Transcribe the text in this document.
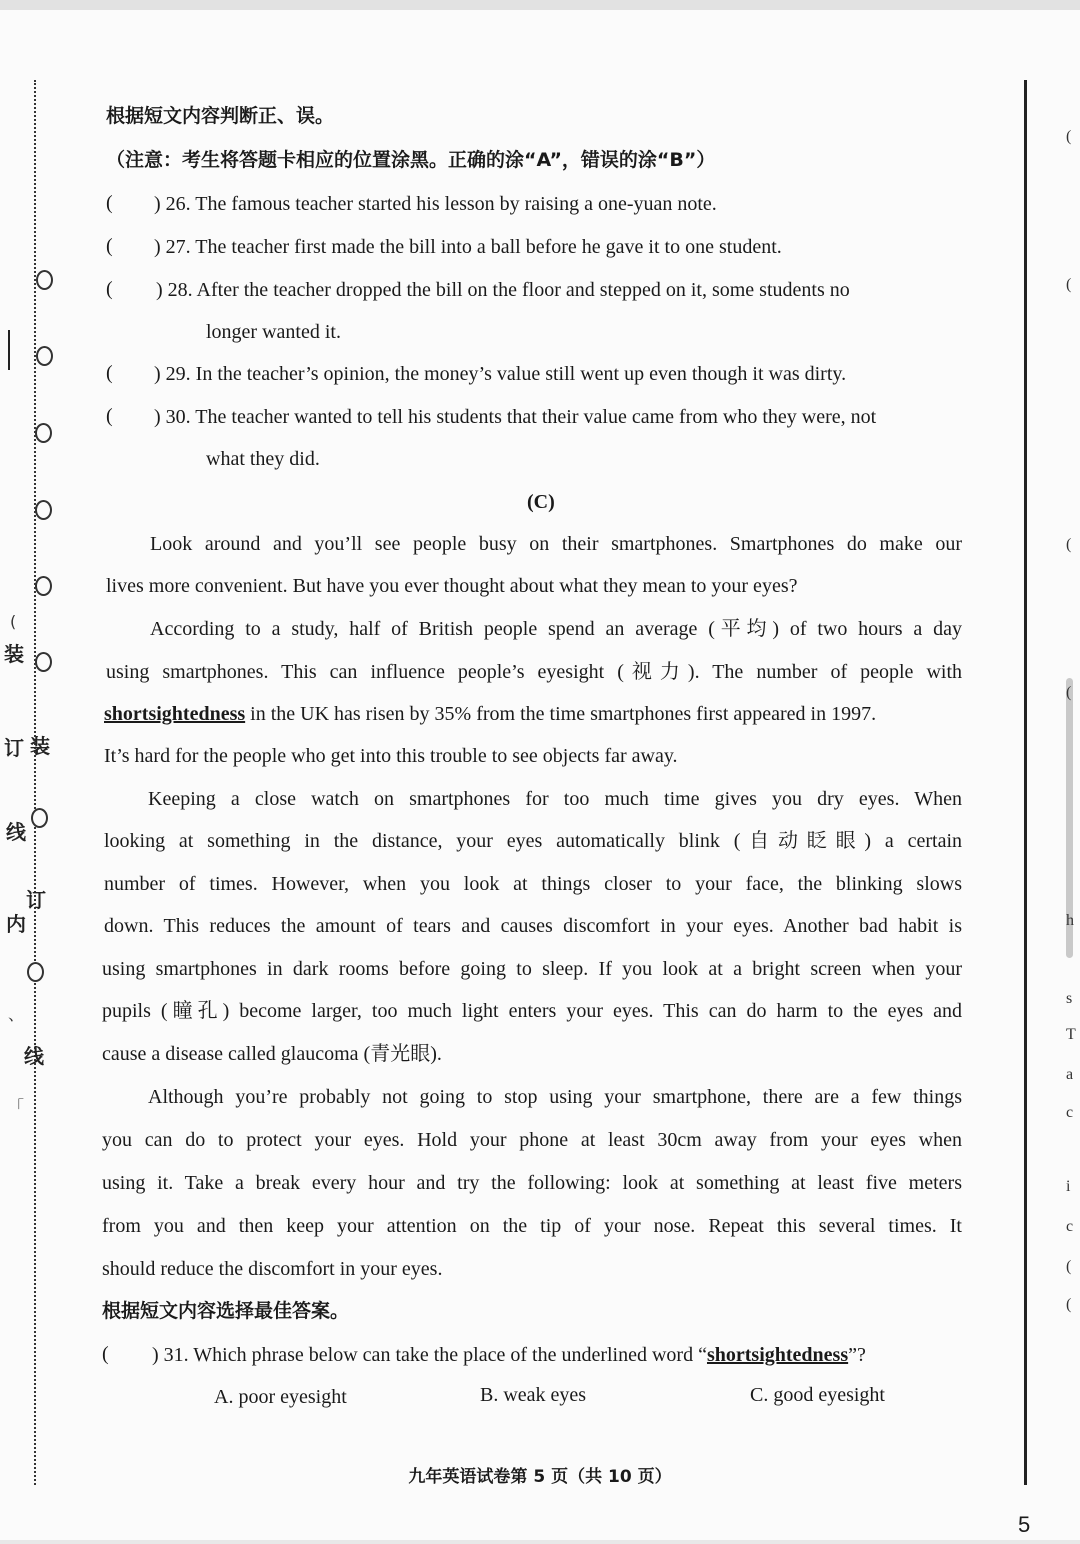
(
装
订 装
线
订
内
线
、
「
(
(
(
(
h
s
T
a
c
i
c
(
(
根据短文内容判断正、误。
（注意：考生将答题卡相应的位置涂黑。正确的涂“A”，错误的涂“B”）
( ) 26. The famous teacher started his lesson by raising a one-yuan note.
( ) 27. The teacher first made the bill into a ball before he gave it to one student.
( ) 28. After the teacher dropped the bill on the floor and stepped on it, some students no
longer wanted it.
( ) 29. In the teacher’s opinion, the money’s value still went up even though it was dirty.
( ) 30. The teacher wanted to tell his students that their value came from who they were, not
what they did.
(C)
Look around and you’ll see people busy on their smartphones. Smartphones do make our
lives more convenient. But have you ever thought about what they mean to your eyes?
According to a study, half of British people spend an average (平均) of two hours a day
using smartphones. This can influence people’s eyesight (视力). The number of people with
shortsightedness in the UK has risen by 35% from the time smartphones first appeared in 1997.
It’s hard for the people who get into this trouble to see objects far away.
Keeping a close watch on smartphones for too much time gives you dry eyes. When
looking at something in the distance, your eyes automatically blink (自动眨眼) a certain
number of times. However, when you look at things closer to your face, the blinking slows
down. This reduces the amount of tears and causes discomfort in your eyes. Another bad habit is
using smartphones in dark rooms before going to sleep. If you look at a bright screen when your
pupils (瞳孔) become larger, too much light enters your eyes. This can do harm to the eyes and
cause a disease called glaucoma (青光眼).
Although you’re probably not going to stop using your smartphone, there are a few things
you can do to protect your eyes. Hold your phone at least 30cm away from your eyes when
using it. Take a break every hour and try the following: look at something at least five meters
from you and then keep your attention on the tip of your nose. Repeat this several times. It
should reduce the discomfort in your eyes.
根据短文内容选择最佳答案。
( ) 31. Which phrase below can take the place of the underlined word “shortsightedness”?
A. poor eyesight	B. weak eyes	C. good eyesight
九年英语试卷第 5 页（共 10 页）
5
